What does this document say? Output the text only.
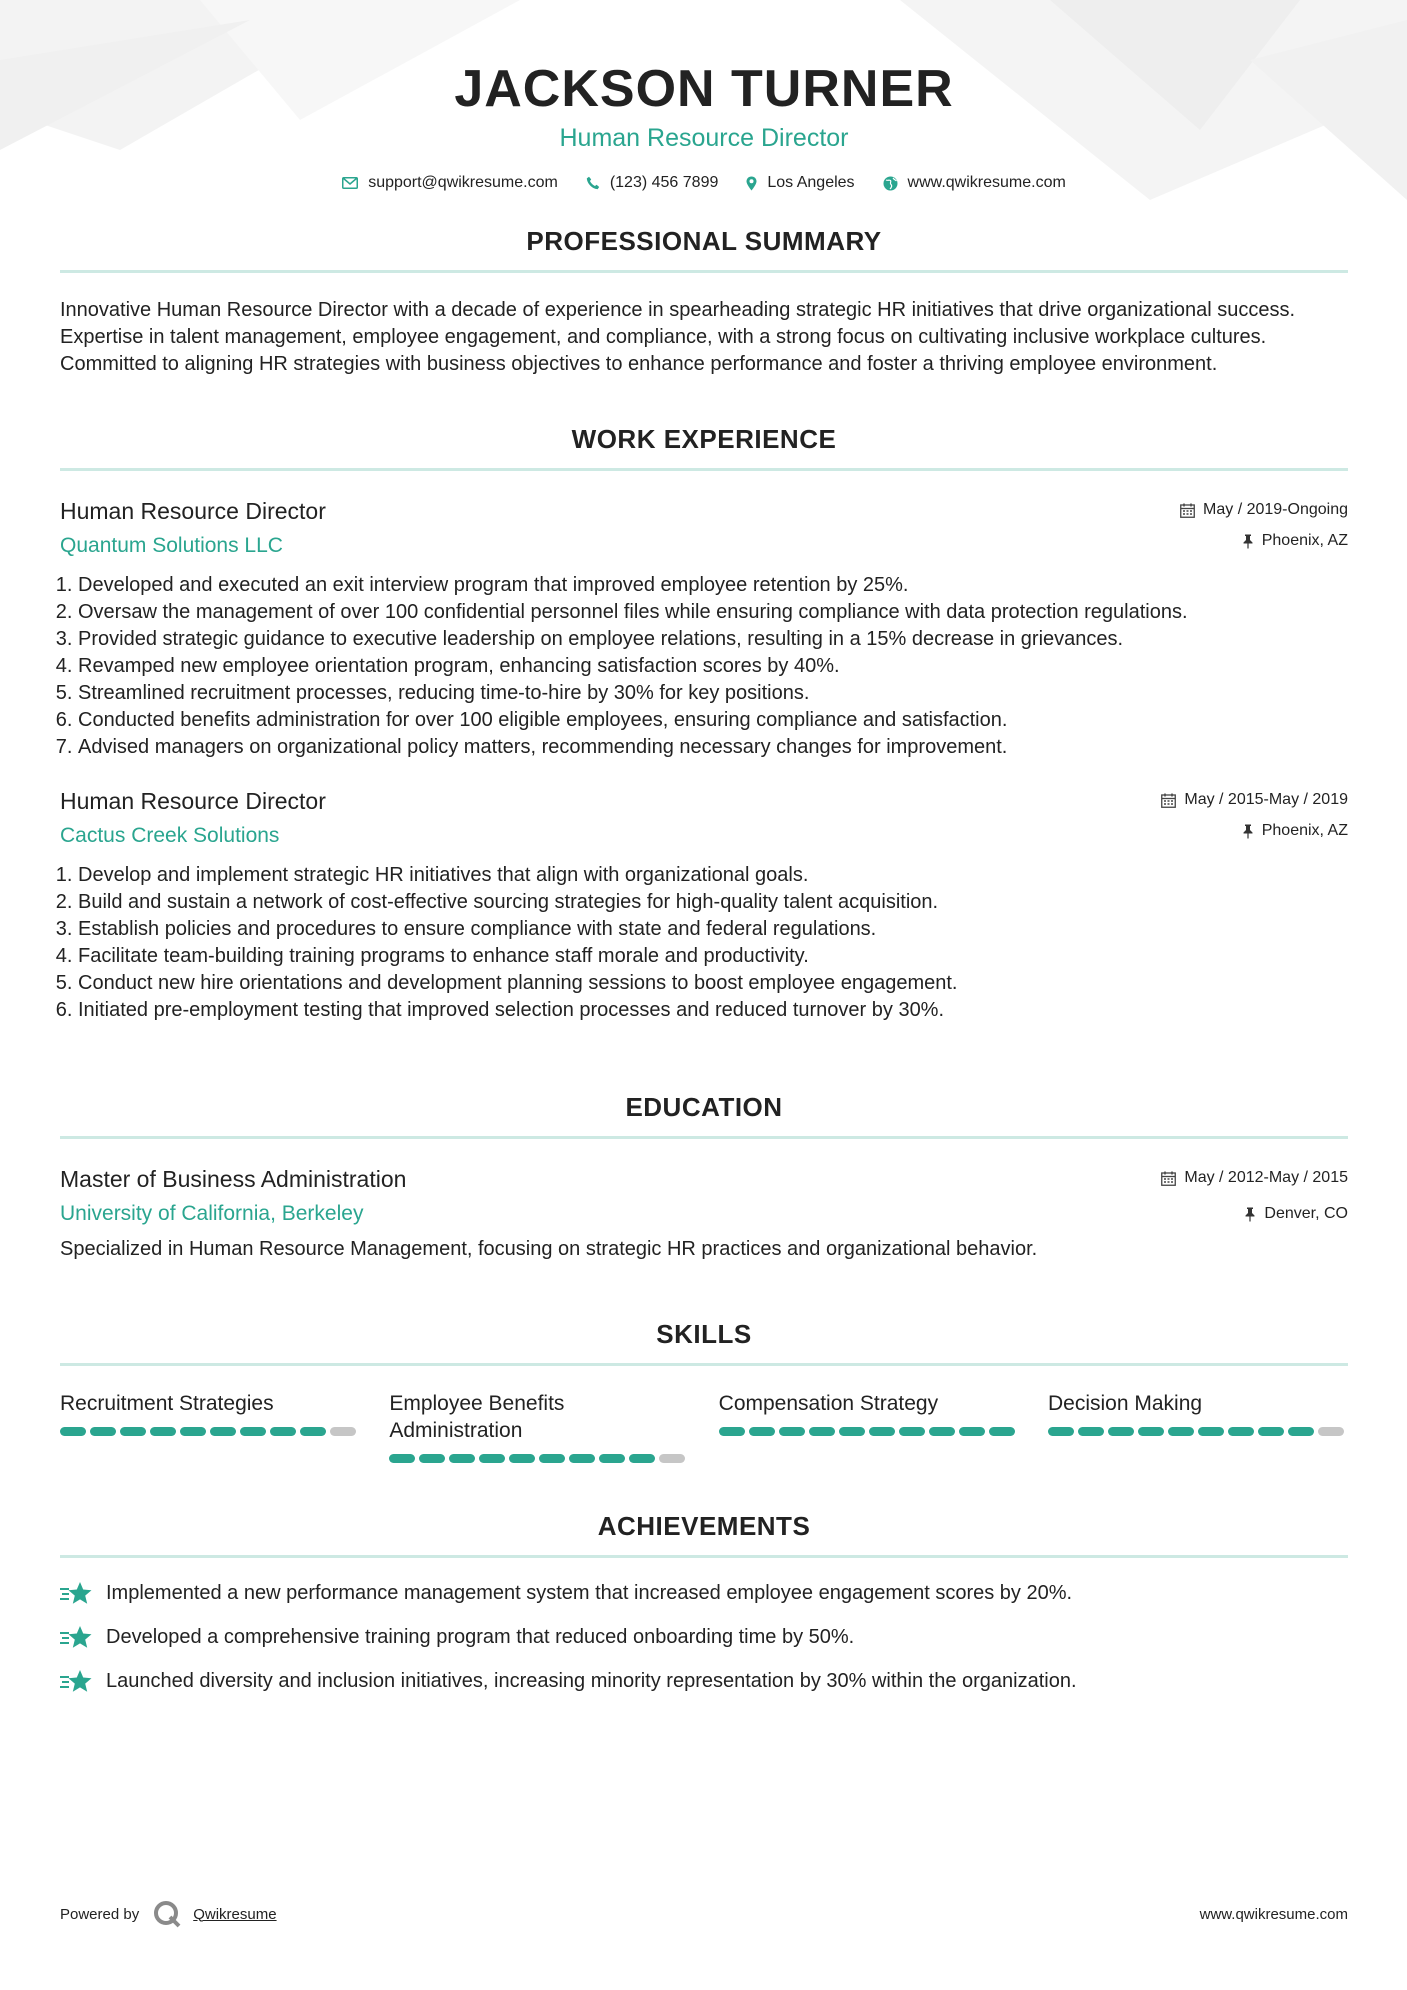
JACKSON TURNER
Human Resource Director
support@qwikresume.com	(123) 456 7899	Los Angeles	www.qwikresume.com
PROFESSIONAL SUMMARY
Innovative Human Resource Director with a decade of experience in spearheading strategic HR initiatives that drive organizational success. Expertise in talent management, employee engagement, and compliance, with a strong focus on cultivating inclusive workplace cultures. Committed to aligning HR strategies with business objectives to enhance performance and foster a thriving employee environment.
WORK EXPERIENCE
Human Resource Director
Quantum Solutions LLC
May / 2019-Ongoing
Phoenix, AZ
1. Developed and executed an exit interview program that improved employee retention by 25%.
2. Oversaw the management of over 100 confidential personnel files while ensuring compliance with data protection regulations.
3. Provided strategic guidance to executive leadership on employee relations, resulting in a 15% decrease in grievances.
4. Revamped new employee orientation program, enhancing satisfaction scores by 40%.
5. Streamlined recruitment processes, reducing time-to-hire by 30% for key positions.
6. Conducted benefits administration for over 100 eligible employees, ensuring compliance and satisfaction.
7. Advised managers on organizational policy matters, recommending necessary changes for improvement.
Human Resource Director
Cactus Creek Solutions
May / 2015-May / 2019
Phoenix, AZ
1. Develop and implement strategic HR initiatives that align with organizational goals.
2. Build and sustain a network of cost-effective sourcing strategies for high-quality talent acquisition.
3. Establish policies and procedures to ensure compliance with state and federal regulations.
4. Facilitate team-building training programs to enhance staff morale and productivity.
5. Conduct new hire orientations and development planning sessions to boost employee engagement.
6. Initiated pre-employment testing that improved selection processes and reduced turnover by 30%.
EDUCATION
Master of Business Administration
University of California, Berkeley
May / 2012-May / 2015
Denver, CO
Specialized in Human Resource Management, focusing on strategic HR practices and organizational behavior.
SKILLS
Recruitment Strategies	Employee Benefits Administration
Compensation Strategy	Decision Making
ACHIEVEMENTS
Implemented a new performance management system that increased employee engagement scores by 20%.
Developed a comprehensive training program that reduced onboarding time by 50%.
Launched diversity and inclusion initiatives, increasing minority representation by 30% within the organization.
Powered by	Qwikresume	www.qwikresume.com
